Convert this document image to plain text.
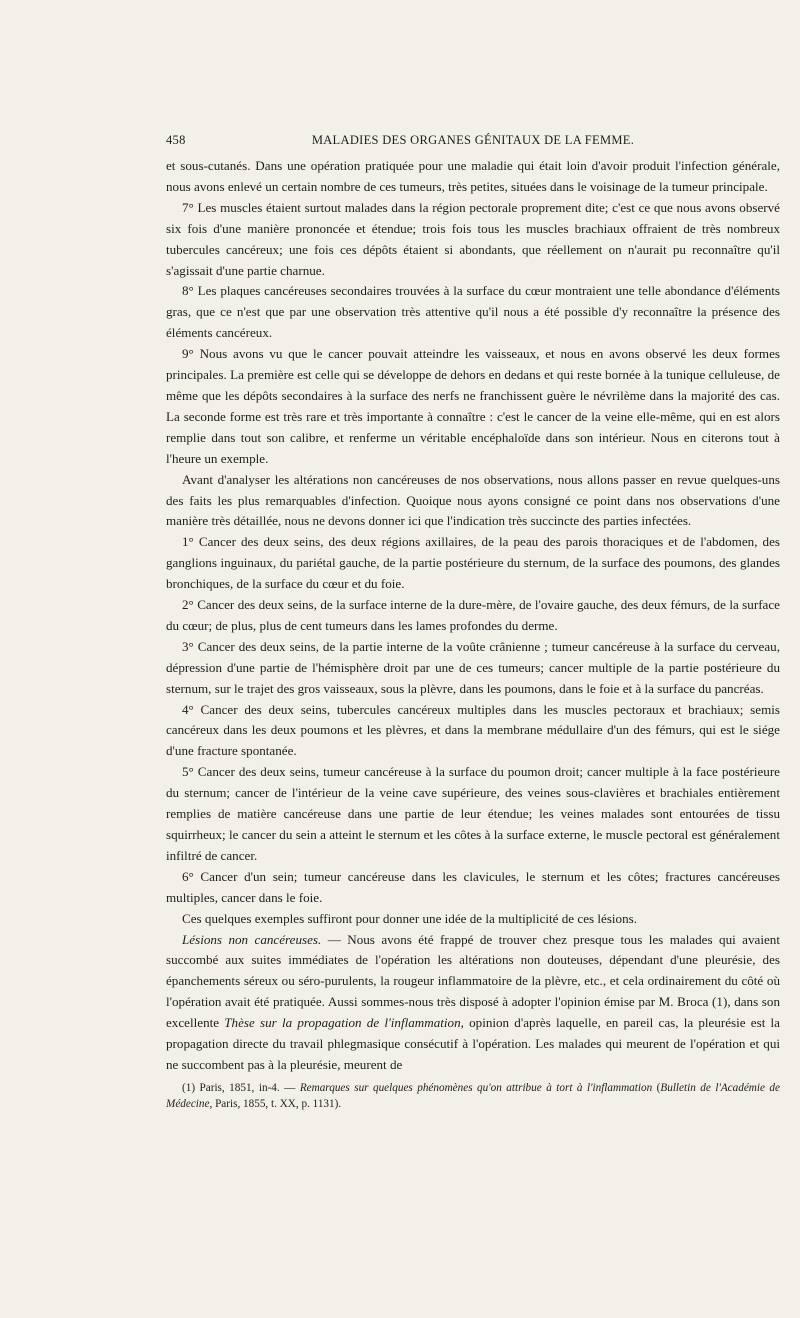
458	MALADIES DES ORGANES GÉNITAUX DE LA FEMME.

et sous-cutanés. Dans une opération pratiquée pour une maladie qui était loin d'avoir produit l'infection générale, nous avons enlevé un certain nombre de ces tumeurs, très petites, situées dans le voisinage de la tumeur principale.

7° Les muscles étaient surtout malades dans la région pectorale proprement dite; c'est ce que nous avons observé six fois d'une manière prononcée et étendue; trois fois tous les muscles brachiaux offraient de très nombreux tubercules cancéreux; une fois ces dépôts étaient si abondants, que réellement on n'aurait pu reconnaître qu'il s'agissait d'une partie charnue.

8° Les plaques cancéreuses secondaires trouvées à la surface du cœur montraient une telle abondance d'éléments gras, que ce n'est que par une observation très attentive qu'il nous a été possible d'y reconnaître la présence des éléments cancéreux.

9° Nous avons vu que le cancer pouvait atteindre les vaisseaux, et nous en avons observé les deux formes principales. La première est celle qui se développe de dehors en dedans et qui reste bornée à la tunique celluleuse, de même que les dépôts secondaires à la surface des nerfs ne franchissent guère le névrilème dans la majorité des cas. La seconde forme est très rare et très importante à connaître : c'est le cancer de la veine elle-même, qui en est alors remplie dans tout son calibre, et renferme un véritable encéphaloïde dans son intérieur. Nous en citerons tout à l'heure un exemple.

Avant d'analyser les altérations non cancéreuses de nos observations, nous allons passer en revue quelques-uns des faits les plus remarquables d'infection. Quoique nous ayons consigné ce point dans nos observations d'une manière très détaillée, nous ne devons donner ici que l'indication très succincte des parties infectées.

1° Cancer des deux seins, des deux régions axillaires, de la peau des parois thoraciques et de l'abdomen, des ganglions inguinaux, du pariétal gauche, de la partie postérieure du sternum, de la surface des poumons, des glandes bronchiques, de la surface du cœur et du foie.

2° Cancer des deux seins, de la surface interne de la dure-mère, de l'ovaire gauche, des deux fémurs, de la surface du cœur; de plus, plus de cent tumeurs dans les lames profondes du derme.

3° Cancer des deux seins, de la partie interne de la voûte crânienne ; tumeur cancéreuse à la surface du cerveau, dépression d'une partie de l'hémisphère droit par une de ces tumeurs; cancer multiple de la partie postérieure du sternum, sur le trajet des gros vaisseaux, sous la plèvre, dans les poumons, dans le foie et à la surface du pancréas.

4° Cancer des deux seins, tubercules cancéreux multiples dans les muscles pectoraux et brachiaux; semis cancéreux dans les deux poumons et les plèvres, et dans la membrane médullaire d'un des fémurs, qui est le siége d'une fracture spontanée.

5° Cancer des deux seins, tumeur cancéreuse à la surface du poumon droit; cancer multiple à la face postérieure du sternum; cancer de l'intérieur de la veine cave supérieure, des veines sous-clavières et brachiales entièrement remplies de matière cancéreuse dans une partie de leur étendue; les veines malades sont entourées de tissu squirrheux; le cancer du sein a atteint le sternum et les côtes à la surface externe, le muscle pectoral est généralement infiltré de cancer.

6° Cancer d'un sein; tumeur cancéreuse dans les clavicules, le sternum et les côtes; fractures cancéreuses multiples, cancer dans le foie.

Ces quelques exemples suffiront pour donner une idée de la multiplicité de ces lésions.

Lésions non cancéreuses. — Nous avons été frappé de trouver chez presque tous les malades qui avaient succombé aux suites immédiates de l'opération les altérations non douteuses, dépendant d'une pleurésie, des épanchements séreux ou séro-purulents, la rougeur inflammatoire de la plèvre, etc., et cela ordinairement du côté où l'opération avait été pratiquée. Aussi sommes-nous très disposé à adopter l'opinion émise par M. Broca (1), dans son excellente Thèse sur la propagation de l'inflammation, opinion d'après laquelle, en pareil cas, la pleurésie est la propagation directe du travail phlegmasique consécutif à l'opération. Les malades qui meurent de l'opération et qui ne succombent pas à la pleurésie, meurent de

(1) Paris, 1851, in-4. — Remarques sur quelques phénomènes qu'on attribue à tort à l'inflammation (Bulletin de l'Académie de Médecine, Paris, 1855, t. XX, p. 1131).
